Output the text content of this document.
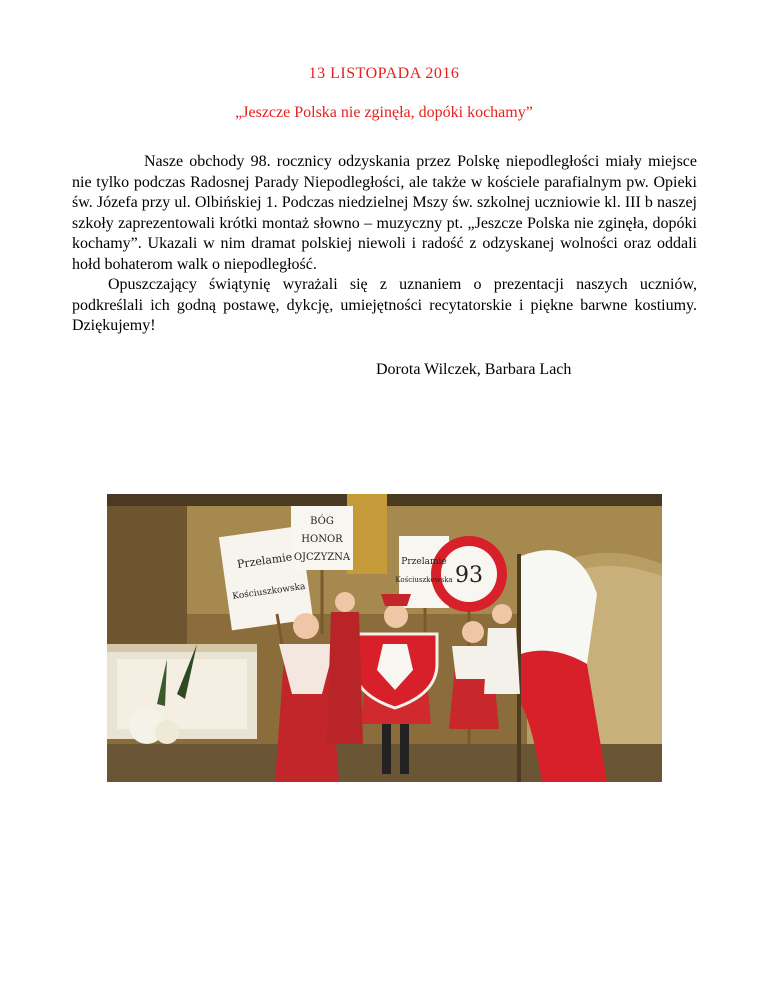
13 LISTOPADA 2016
„Jeszcze Polska nie zginęła, dopóki kochamy”

Nasze obchody 98. rocznicy odzyskania przez Polskę niepodległości miały miejsce nie tylko podczas Radosnej Parady Niepodległości, ale także w kościele parafialnym pw. Opieki św. Józefa przy ul. Olbińskiej 1. Podczas niedzielnej Mszy św. szkolnej uczniowie kl. III b naszej szkoły zaprezentowali krótki montaż słowno – muzyczny pt. „Jeszcze Polska nie zginęła, dopóki kochamy”. Ukazali w nim dramat polskiej niewoli i radość z odzyskanej wolności oraz oddali hołd bohaterom walk o niepodległość.

Opuszczający świątynię wyrażali się z uznaniem o prezentacji naszych uczniów, podkreślali ich godną postawę, dykcję, umiejętności recytatorskie i piękne barwne kostiumy. Dziękujemy!

Dorota Wilczek, Barbara Lach
Przelamie
Kościuszkowska
BÓG
HONOR
OJCZYZNA	Przelamie
Kościuszkowska 93
